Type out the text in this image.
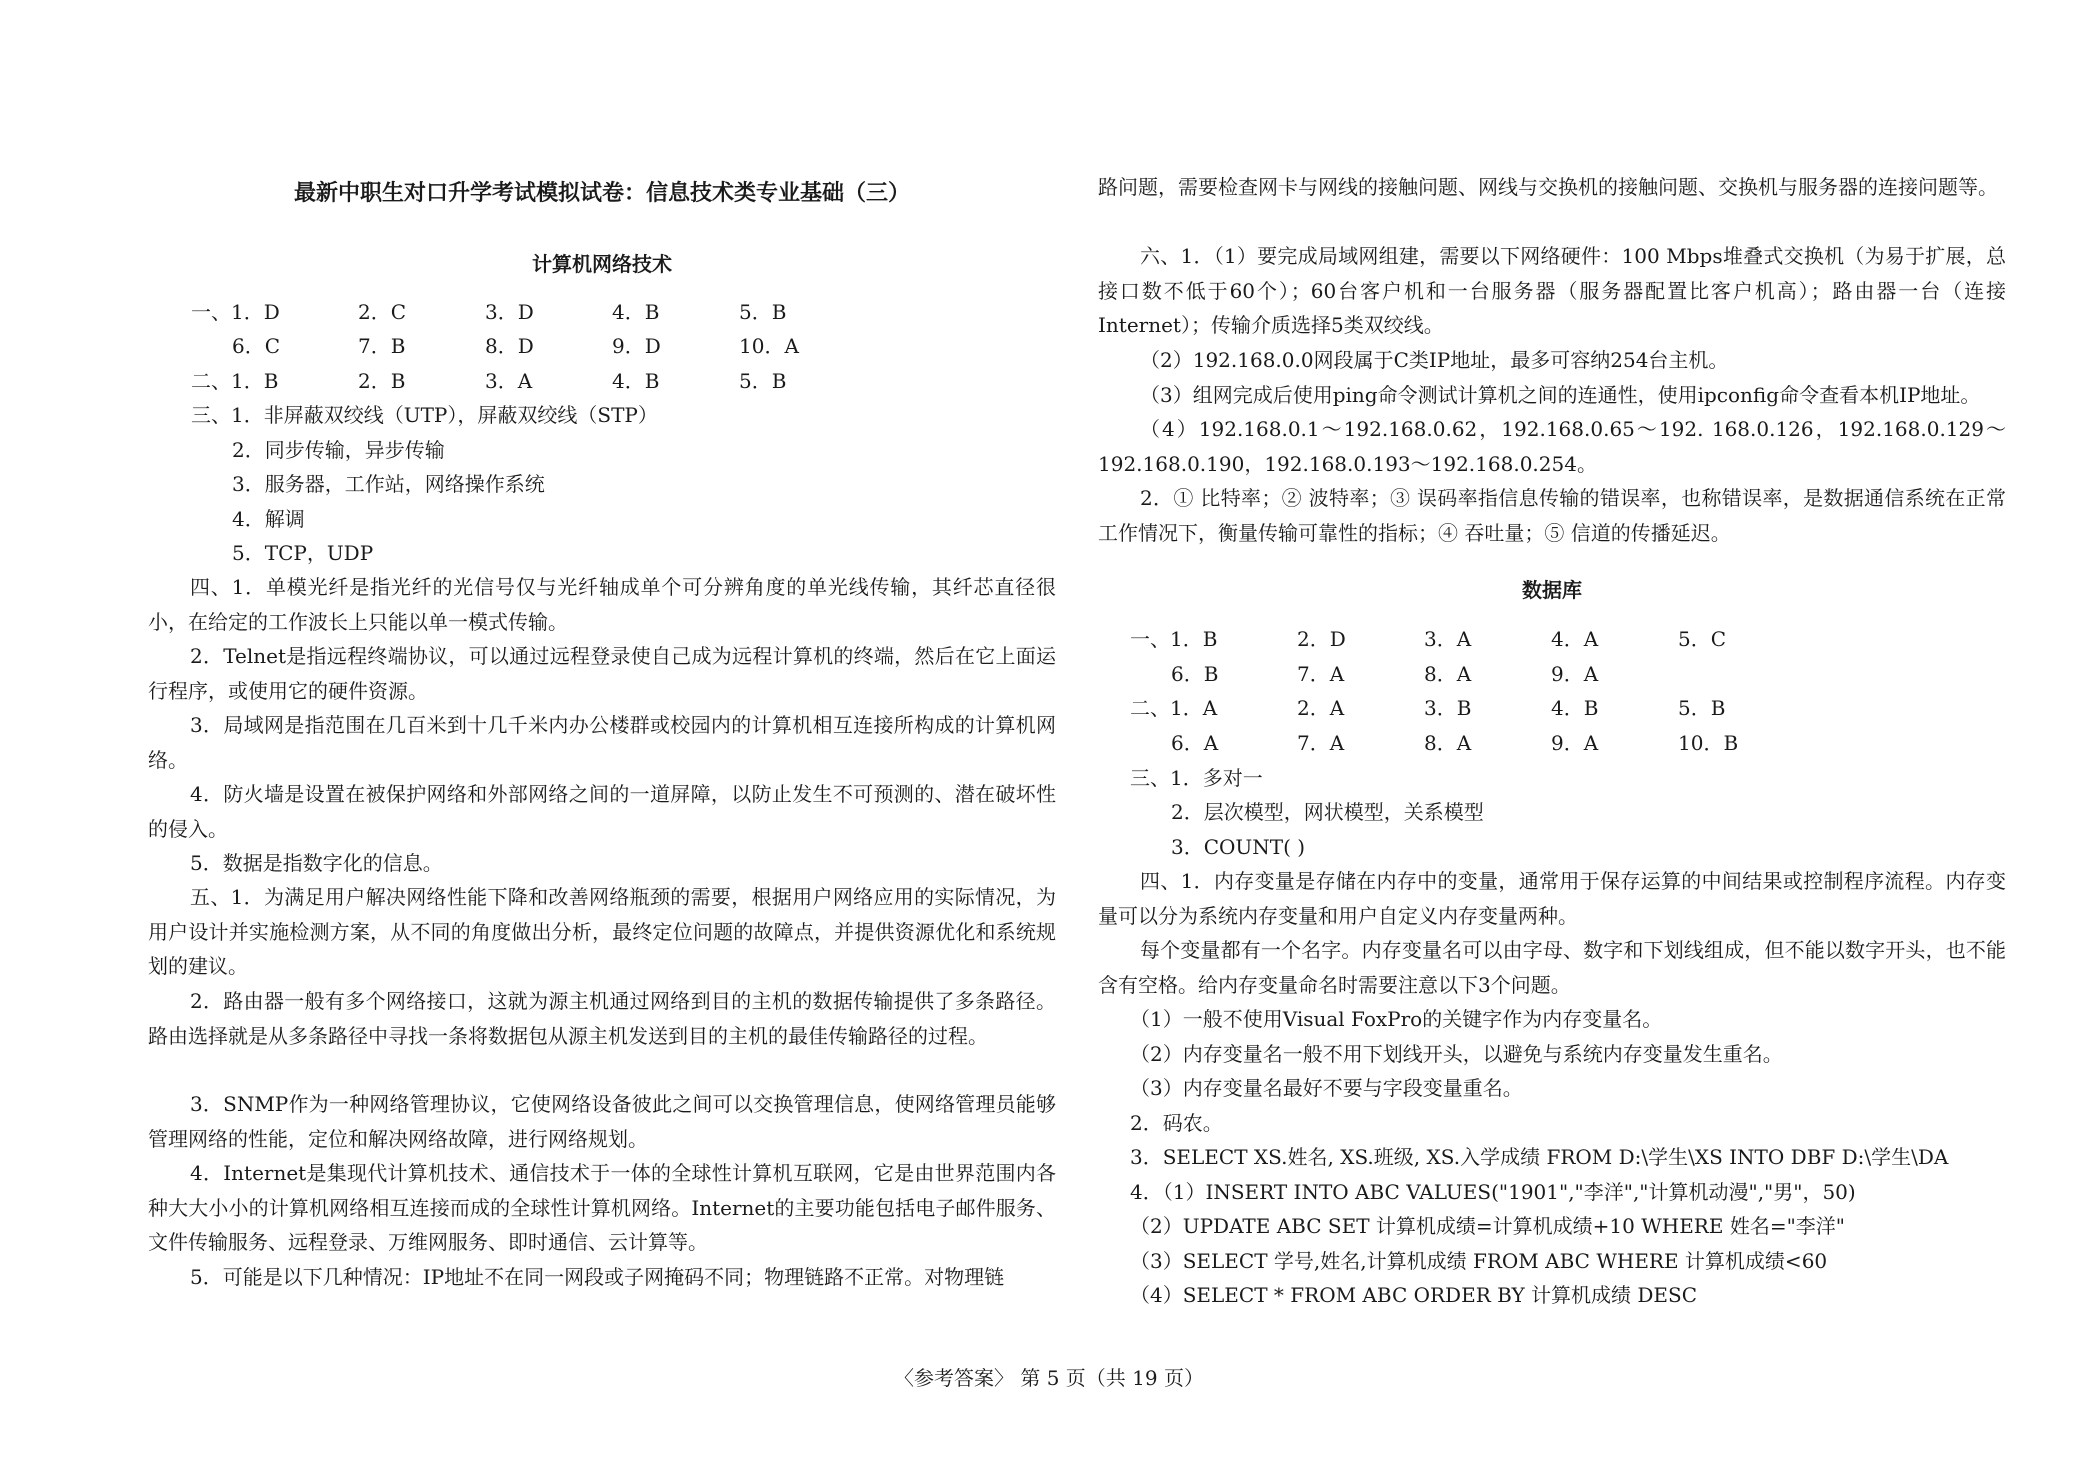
最新中职生对口升学考试模拟试卷：信息技术类专业基础（三）
计算机网络技术
一、1．D	2．C	3．D	4．B	5．B
6．C	7．B	8．D	9．D	10．A
二、1．B	2．B	3．A	4．B	5．B
三、1．非屏蔽双绞线（UTP），屏蔽双绞线（STP）
2．同步传输，异步传输
3．服务器，工作站，网络操作系统
4．解调
5．TCP，UDP
四、1．单模光纤是指光纤的光信号仅与光纤轴成单个可分辨角度的单光线传输，其纤芯直径很小，在给定的工作波长上只能以单一模式传输。
2．Telnet是指远程终端协议，可以通过远程登录使自己成为远程计算机的终端，然后在它上面运行程序，或使用它的硬件资源。
3．局域网是指范围在几百米到十几千米内办公楼群或校园内的计算机相互连接所构成的计算机网络。
4．防火墙是设置在被保护网络和外部网络之间的一道屏障，以防止发生不可预测的、潜在破坏性的侵入。
5．数据是指数字化的信息。
五、1．为满足用户解决网络性能下降和改善网络瓶颈的需要，根据用户网络应用的实际情况，为用户设计并实施检测方案，从不同的角度做出分析，最终定位问题的故障点，并提供资源优化和系统规划的建议。
2．路由器一般有多个网络接口，这就为源主机通过网络到目的主机的数据传输提供了多条路径。路由选择就是从多条路径中寻找一条将数据包从源主机发送到目的主机的最佳传输路径的过程。
3．SNMP作为一种网络管理协议，它使网络设备彼此之间可以交换管理信息，使网络管理员能够管理网络的性能，定位和解决网络故障，进行网络规划。
4．Internet是集现代计算机技术、通信技术于一体的全球性计算机互联网，它是由世界范围内各种大大小小的计算机网络相互连接而成的全球性计算机网络。Internet的主要功能包括电子邮件服务、文件传输服务、远程登录、万维网服务、即时通信、云计算等。
5．可能是以下几种情况：IP地址不在同一网段或子网掩码不同；物理链路不正常。对物理链
路问题，需要检查网卡与网线的接触问题、网线与交换机的接触问题、交换机与服务器的连接问题等。
六、1．（1）要完成局域网组建，需要以下网络硬件：100 Mbps堆叠式交换机（为易于扩展，总接口数不低于60个）；60台客户机和一台服务器（服务器配置比客户机高）；路由器一台（连接Internet）；传输介质选择5类双绞线。
（2）192.168.0.0网段属于C类IP地址，最多可容纳254台主机。
（3）组网完成后使用ping命令测试计算机之间的连通性，使用ipconfig命令查看本机IP地址。
（4）192.168.0.1～192.168.0.62，192.168.0.65～192. 168.0.126，192.168.0.129～192.168.0.190，192.168.0.193～192.168.0.254。
2．① 比特率；② 波特率；③ 误码率指信息传输的错误率，也称错误率，是数据通信系统在正常工作情况下，衡量传输可靠性的指标；④ 吞吐量；⑤ 信道的传播延迟。
数据库
一、1．B	2．D	3．A	4．A	5．C
6．B	7．A	8．A	9．A
二、1．A	2．A	3．B	4．B	5．B
6．A	7．A	8．A	9．A	10．B
三、1．多对一
2．层次模型，网状模型，关系模型
3．COUNT( )
四、1．内存变量是存储在内存中的变量，通常用于保存运算的中间结果或控制程序流程。内存变量可以分为系统内存变量和用户自定义内存变量两种。
每个变量都有一个名字。内存变量名可以由字母、数字和下划线组成，但不能以数字开头，也不能含有空格。给内存变量命名时需要注意以下3个问题。
（1）一般不使用Visual FoxPro的关键字作为内存变量名。
（2）内存变量名一般不用下划线开头，以避免与系统内存变量发生重名。
（3）内存变量名最好不要与字段变量重名。
2．码农。
3．SELECT XS.姓名, XS.班级, XS.入学成绩 FROM D:\学生\XS INTO DBF D:\学生\DA
4．（1）INSERT INTO ABC VALUES("1901","李洋","计算机动漫","男"，50)
（2）UPDATE ABC SET 计算机成绩=计算机成绩+10 WHERE 姓名="李洋"
（3）SELECT 学号,姓名,计算机成绩 FROM ABC WHERE 计算机成绩<60
（4）SELECT * FROM ABC ORDER BY 计算机成绩 DESC
〈参考答案〉 第 5 页（共 19 页）
